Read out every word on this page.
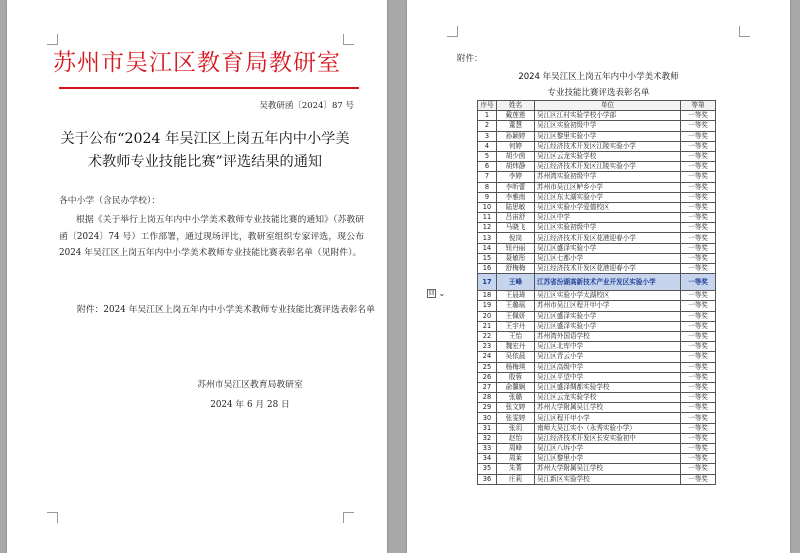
苏州市吴江区教育局教研室
吴教研函〔2024〕87 号
关于公布“2024 年吴江区上岗五年内中小学美
术教师专业技能比赛”评选结果的通知
各中小学（含民办学校）：
根据《关于举行上岗五年内中小学美术教师专业技能比赛的通知》（苏教研函〔2024〕74 号）工作部署，通过现场评比，教研室组织专家评选，现公布 2024 年吴江区上岗五年内中小学美术教师专业技能比赛表彰名单（见附件）。
附件：2024 年吴江区上岗五年内中小学美术教师专业技能比赛评选表彰名单
苏州市吴江区教育局教研室
2024 年 6 月 28 日
附件：
2024 年吴江区上岗五年内中小学美术教师
专业技能比赛评选表彰名单
回 ⌄
序号	姓名	单位	等第
1	戴莲莲	吴江区江村实验学校小学部	一等奖
2	董慧	吴江区实验初级中学	一等奖
3	孙颖婷	吴江区黎里实验小学	一等奖
4	何婷	吴江经济技术开发区江陵实验小学	一等奖
5	胡少茵	吴江区云龙实验学校	一等奖
6	胡炜静	吴江经济技术开发区江陵实验小学	一等奖
7	李婷	苏州湾实验初级中学	一等奖
8	李昕蕾	苏州市吴江区鲈乡小学	一等奖
9	李雅南	吴江区东太湖实验小学	一等奖
10	陆思敏	吴江区实验小学爱德校区	一等奖
11	吕宙舒	吴江区中学	一等奖
12	马晓飞	吴江区实验初级中学	一等奖
13	倪岗	吴江经济技术开发区花港迎春小学	一等奖
14	钮丹丽	吴江区盛泽实验小学	一等奖
15	聂敏彤	吴江区七都小学	一等奖
16	舒梅梅	吴江经济技术开发区花港迎春小学	一等奖
17	王峰	江苏省汾湖高新技术产业开发区实验小学	一等奖
18	王晨琦	吴江区实验小学太湖校区	一等奖
19	王璐瑶	苏州市吴江区程开甲小学	一等奖
20	王佩妍	吴江区盛泽实验小学	一等奖
21	王宇丹	吴江区盛泽实验小学	一等奖
22	王怡	苏州湾外国语学校	一等奖
23	魏宏丹	吴江区北库中学	一等奖
24	吴依晨	吴江区青云小学	一等奖
25	杨梅琪	吴江区高级中学	一等奖
26	殷蓉	吴江区平望中学	一等奖
27	俞馨娴	吴江区盛泽绸都实验学校	一等奖
28	张璐	吴江区云龙实验学校	一等奖
29	张文婷	苏州大学附属吴江学校	一等奖
30	张雯婷	吴江区程开甲小学	一等奖
31	张玥	南师大吴江实小（永秀实验小学）	一等奖
32	赵怡	吴江经济技术开发区长安实验初中	一等奖
33	周峰	吴江区八坼小学	一等奖
34	周莱	吴江区黎里小学	一等奖
35	朱菁	苏州大学附属吴江学校	一等奖
36	庄莉	吴江新区实验学校	一等奖
